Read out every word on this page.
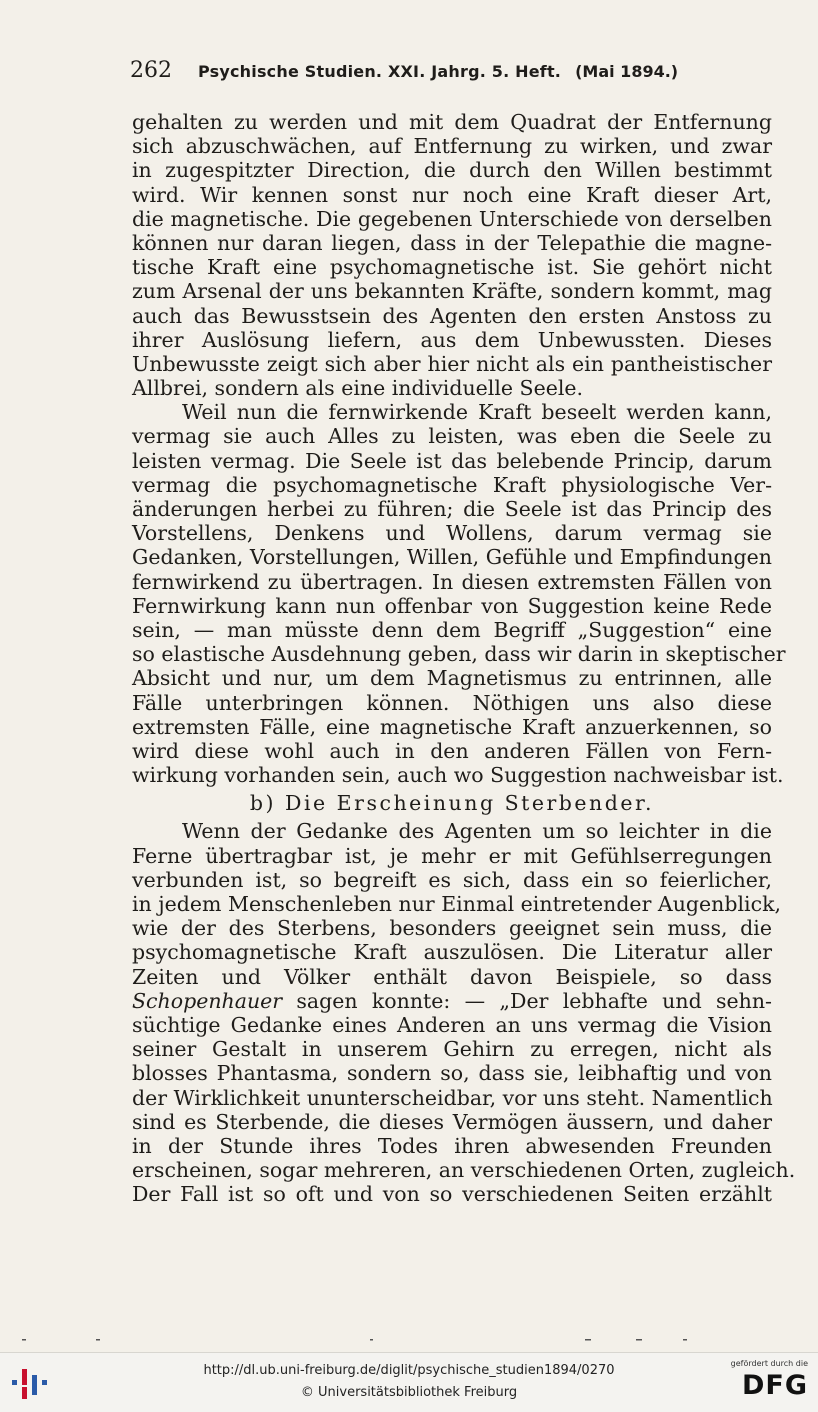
262 Psychische Studien. XXI. Jahrg. 5. Heft. (Mai 1894.)
gehalten zu werden und mit dem Quadrat der Entfernung
sich abzuschwächen, auf Entfernung zu wirken, und zwar
in zugespitzter Direction, die durch den Willen bestimmt
wird. Wir kennen sonst nur noch eine Kraft dieser Art,
die magnetische. Die gegebenen Unterschiede von derselben
können nur daran liegen, dass in der Telepathie die magne-
tische Kraft eine psychomagnetische ist. Sie gehört nicht
zum Arsenal der uns bekannten Kräfte, sondern kommt, mag
auch das Bewusstsein des Agenten den ersten Anstoss zu
ihrer Auslösung liefern, aus dem Unbewussten. Dieses
Unbewusste zeigt sich aber hier nicht als ein pantheistischer
Allbrei, sondern als eine individuelle Seele.
Weil nun die fernwirkende Kraft beseelt werden kann,
vermag sie auch Alles zu leisten, was eben die Seele zu
leisten vermag. Die Seele ist das belebende Princip, darum
vermag die psychomagnetische Kraft physiologische Ver-
änderungen herbei zu führen; die Seele ist das Princip des
Vorstellens, Denkens und Wollens, darum vermag sie
Gedanken, Vorstellungen, Willen, Gefühle und Empfindungen
fernwirkend zu übertragen. In diesen extremsten Fällen von
Fernwirkung kann nun offenbar von Suggestion keine Rede
sein, — man müsste denn dem Begriff „Suggestion“ eine
so elastische Ausdehnung geben, dass wir darin in skeptischer
Absicht und nur, um dem Magnetismus zu entrinnen, alle
Fälle unterbringen können. Nöthigen uns also diese
extremsten Fälle, eine magnetische Kraft anzuerkennen, so
wird diese wohl auch in den anderen Fällen von Fern-
wirkung vorhanden sein, auch wo Suggestion nachweisbar ist.
b) Die Erscheinung Sterbender.
Wenn der Gedanke des Agenten um so leichter in die
Ferne übertragbar ist, je mehr er mit Gefühlserregungen
verbunden ist, so begreift es sich, dass ein so feierlicher,
in jedem Menschenleben nur Einmal eintretender Augenblick,
wie der des Sterbens, besonders geeignet sein muss, die
psychomagnetische Kraft auszulösen. Die Literatur aller
Zeiten und Völker enthält davon Beispiele, so dass
Schopenhauer sagen konnte: — „Der lebhafte und sehn-
süchtige Gedanke eines Anderen an uns vermag die Vision
seiner Gestalt in unserem Gehirn zu erregen, nicht als
blosses Phantasma, sondern so, dass sie, leibhaftig und von
der Wirklichkeit ununterscheidbar, vor uns steht. Namentlich
sind es Sterbende, die dieses Vermögen äussern, und daher
in der Stunde ihres Todes ihren abwesenden Freunden
erscheinen, sogar mehreren, an verschiedenen Orten, zugleich.
Der Fall ist so oft und von so verschiedenen Seiten erzählt
http://dl.ub.uni-freiburg.de/diglit/psychische_studien1894/0270
© Universitätsbibliothek Freiburg
gefördert durch die
DFG
